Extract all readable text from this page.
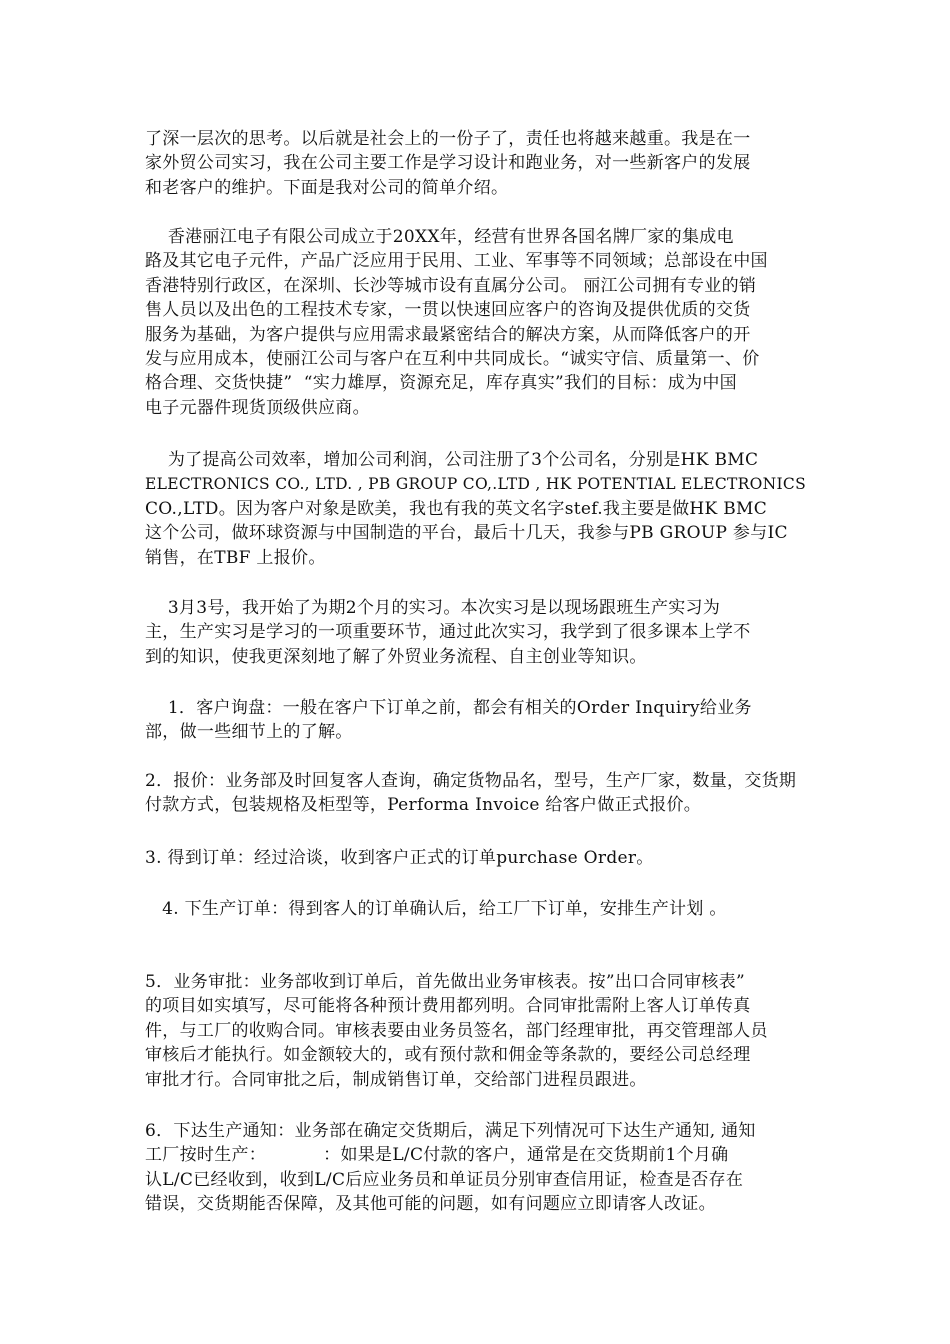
了深一层次的思考。以后就是社会上的一份子了，责任也将越来越重。我是在一
家外贸公司实习，我在公司主要工作是学习设计和跑业务，对一些新客户的发展
和老客户的维护。下面是我对公司的简单介绍。
香港丽江电子有限公司成立于20XX年，经营有世界各国名牌厂家的集成电
路及其它电子元件，产品广泛应用于民用、工业、军事等不同领域；总部设在中国
香港特别行政区，在深圳、长沙等城市设有直属分公司。 丽江公司拥有专业的销
售人员以及出色的工程技术专家，一贯以快速回应客户的咨询及提供优质的交货
服务为基础，为客户提供与应用需求最紧密结合的解决方案，从而降低客户的开
发与应用成本，使丽江公司与客户在互利中共同成长。“诚实守信、质量第一、价
格合理、交货快捷”  “实力雄厚，资源充足，库存真实”我们的目标：成为中国
电子元器件现货顶级供应商。
为了提高公司效率，增加公司利润，公司注册了3个公司名，分别是HK BMC
ELECTRONICS CO., LTD. , PB GROUP CO,.LTD , HK POTENTIAL ELECTRONICS
CO.,LTD。因为客户对象是欧美，我也有我的英文名字stef.我主要是做HK BMC
这个公司，做环球资源与中国制造的平台，最后十几天，我参与PB GROUP 参与IC
销售，在TBF 上报价。
3月3号，我开始了为期2个月的实习。本次实习是以现场跟班生产实习为
主，生产实习是学习的一项重要环节，通过此次实习，我学到了很多课本上学不
到的知识，使我更深刻地了解了外贸业务流程、自主创业等知识。
1．客户询盘：一般在客户下订单之前，都会有相关的Order Inquiry给业务
部，做一些细节上的了解。
2．报价：业务部及时回复客人查询，确定货物品名，型号，生产厂家，数量，交货期
付款方式，包装规格及柜型等，Performa Invoice 给客户做正式报价。
3. 得到订单：经过洽谈，收到客户正式的订单purchase Order。
4. 下生产订单：得到客人的订单确认后，给工厂下订单，安排生产计划 。
5．业务审批：业务部收到订单后，首先做出业务审核表。按”出口合同审核表”
的项目如实填写，尽可能将各种预计费用都列明。合同审批需附上客人订单传真
件，与工厂的收购合同。审核表要由业务员签名，部门经理审批，再交管理部人员
审核后才能执行。如金额较大的，或有预付款和佣金等条款的，要经公司总经理
审批才行。合同审批之后，制成销售订单，交给部门进程员跟进。
6．下达生产通知：业务部在确定交货期后，满足下列情况可下达生产通知, 通知
工厂按时生产：          ：如果是L/C付款的客户，通常是在交货期前1个月确
认L/C已经收到，收到L/C后应业务员和单证员分别审查信用证，检查是否存在
错误，交货期能否保障，及其他可能的问题，如有问题应立即请客人改证。
